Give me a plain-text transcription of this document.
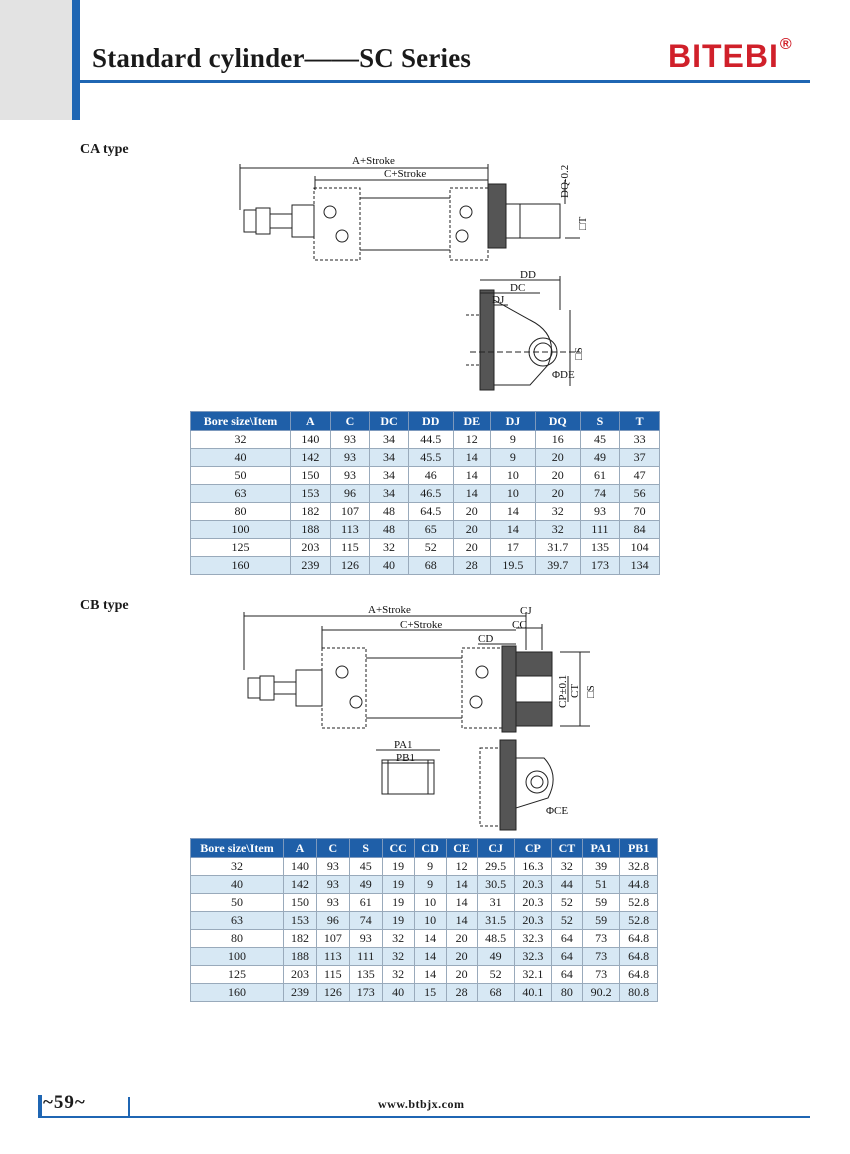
Standard cylinder——SC Series	BITEBI®
CA type
A+Stroke
C+Stroke	DQ-0.2
□T
DD
DC
DJ
□S
ΦDE
Bore size\Item	A	C	DC	DD	DE	DJ	DQ	S	T
32	140	93	34	44.5	12	9	16	45	33
40	142	93	34	45.5	14	9	20	49	37
50	150	93	34	46	14	10	20	61	47
63	153	96	34	46.5	14	10	20	74	56
80	182	107	48	64.5	20	14	32	93	70
100	188	113	48	65	20	14	32	111	84
125	203	115	32	52	20	17	31.7	135	104
160	239	126	40	68	28	19.5	39.7	173	134
CB type	A+Stroke
C+Stroke
CJ
CC
CD
CP±0.1 CT □S
PA1
PB1
ΦCE
Bore size\Item	A	C	S	CC	CD	CE	CJ	CP	CT	PA1	PB1
32	140	93	45	19	9	12	29.5	16.3	32	39	32.8
40	142	93	49	19	9	14	30.5	20.3	44	51	44.8
50	150	93	61	19	10	14	31	20.3	52	59	52.8
63	153	96	74	19	10	14	31.5	20.3	52	59	52.8
80	182	107	93	32	14	20	48.5	32.3	64	73	64.8
100	188	113	111	32	14	20	49	32.3	64	73	64.8
125	203	115	135	32	14	20	52	32.1	64	73	64.8
160	239	126	173	40	15	28	68	40.1	80	90.2	80.8
~59~	www.btbjx.com
